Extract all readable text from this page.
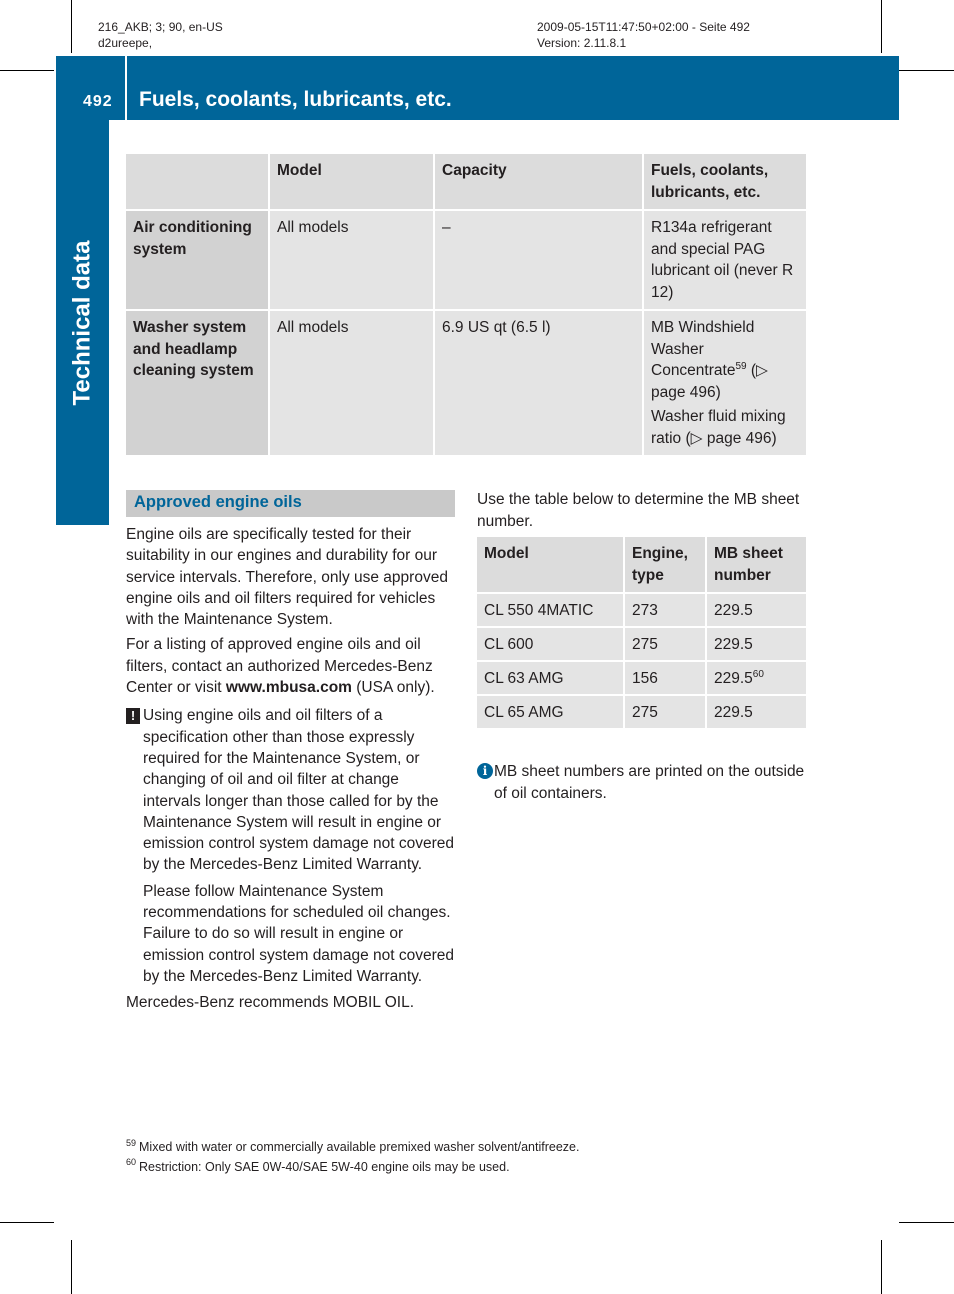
216_AKB; 3; 90, en-US
d2ureepe,
2009-05-15T11:47:50+02:00 - Seite 492
Version: 2.11.8.1
492 Fuels, coolants, lubricants, etc.
Technical data
	Model	Capacity	Fuels, coolants, lubricants, etc.
Air conditioning system	All models	–	R134a refrigerant and special PAG lubricant oil (never R 12)
Washer system and headlamp cleaning system	All models	6.9 US qt (6.5 l)	MB Windshield Washer Concentrate$^{59}$ (▷ page 496)

Washer fluid mixing ratio (▷ page 496)

Approved engine oils

Engine oils are specifically tested for their suitability in our engines and durability for our service intervals. Therefore, only use approved engine oils and oil filters required for vehicles with the Maintenance System.

For a listing of approved engine oils and oil filters, contact an authorized Mercedes-Benz Center or visit www.mbusa.com (USA only).

! Using engine oils and oil filters of a specification other than those expressly required for the Maintenance System, or changing of oil and oil filter at change intervals longer than those called for by the Maintenance System will result in engine or emission control system damage not covered by the Mercedes-Benz Limited Warranty.

Please follow Maintenance System recommendations for scheduled oil changes. Failure to do so will result in engine or emission control system damage not covered by the Mercedes-Benz Limited Warranty.

Mercedes-Benz recommends MOBIL OIL.

Use the table below to determine the MB sheet number.
Model	Engine, type	MB sheet number
CL 550 4MATIC	273	229.5
CL 600	275	229.5
CL 63 AMG	156	229.5$^{60}$
CL 65 AMG	275	229.5
i MB sheet numbers are printed on the outside of oil containers.
$^{59}$ Mixed with water or commercially available premixed washer solvent/antifreeze.
$^{60}$ Restriction: Only SAE 0W-40/SAE 5W-40 engine oils may be used.
